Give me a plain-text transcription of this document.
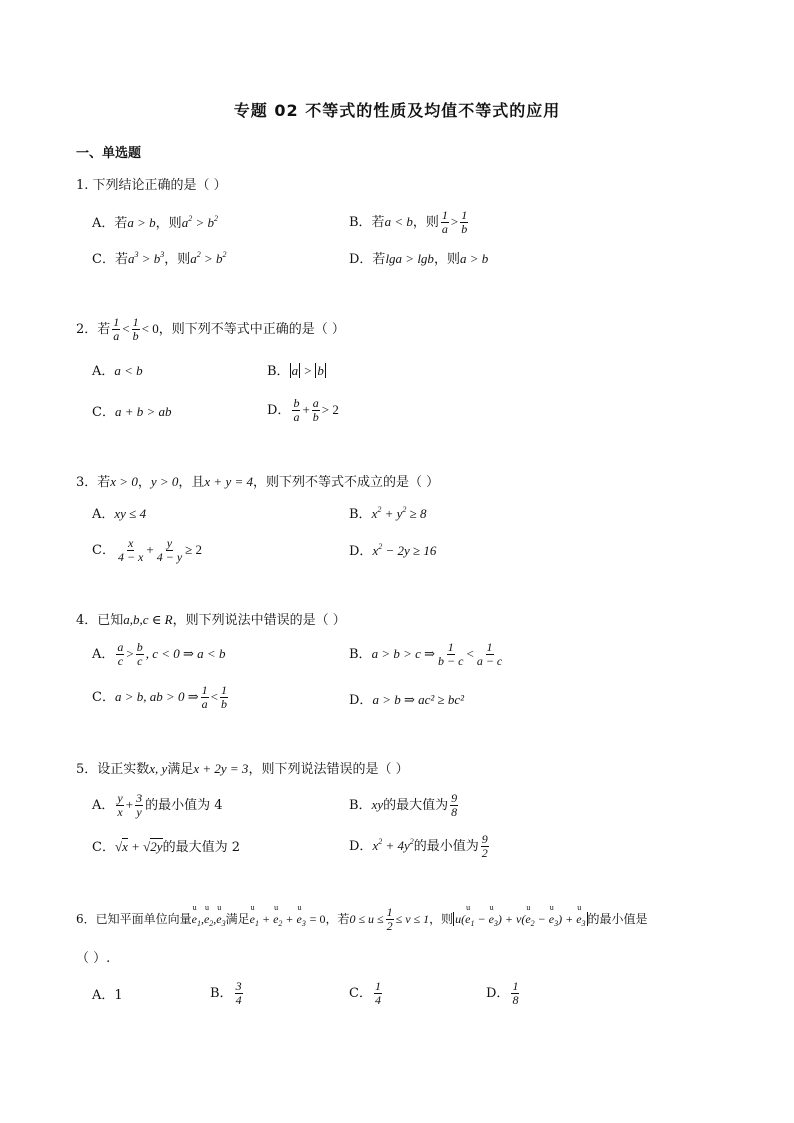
专题 02 不等式的性质及均值不等式的应用
一、单选题
1. 下列结论正确的是（ ）
A．若a > b，则$a^2 > b^2$	B．若a < b，则 $\frac{1}{a} > \frac{1}{b}$
C．若$a^3 > b^3$，则$a^2 > b^2$	D．若lga > lgb，则a > b
2．若 $\frac{1}{a} < \frac{1}{b} < 0$，则下列不等式中正确的是（ ）
A．a < b	B． a > b
C．a + b > ab	D． $\frac{b}{a} + \frac{a}{b} > 2$
3．若x > 0，y > 0，且x + y = 4，则下列不等式不成立的是（ ）
A．xy ≤ 4	B．$x^2 + y^2 \ge 8$
C． $\frac{x}{4 - x} + \frac{y}{4 - y} \ge 2$	D．$x^2 - 2y \ge 16$
4．已知a,b,c ∈ R，则下列说法中错误的是（ ）
A． $\frac{a}{c} > \frac{b}{c}$ , c < 0 ⇒ a < b	B．a > b > c ⇒ $\frac{1}{b - c} < \frac{1}{a - c}$
C．a > b, ab > 0 ⇒ $\frac{1}{a} < \frac{1}{b}$	D．a > b ⇒ ac² ≥ bc²
5．设正实数x, y满足x + 2y = 3，则下列说法错误的是（ ）
A． $\frac{y}{x} + \frac{3}{y}$ 的最小值为 4	B．xy的最大值为 $\frac{9}{8}$
C．√x + √2y的最大值为 2	D．$x^2 + 4y^2$的最小值为 $\frac{9}{2}$
6．已知平面单位向量u $e_1,u$ $e_2,u$ $e_3$满足u $e_1 + u$ $e_2 + u$ $e_3 = 0$，若$0 \le u \le \frac{1}{2} \le v \le 1$，则 u(u $e_1 - u$ $e_3) + v(u$ $e_2 - u$ $e_3) + u$ $e_3$ 的最小值是
（ ）.
A．1	B． $\frac{3}{4}$	C． $\frac{1}{4}$	D． $\frac{1}{8}$
